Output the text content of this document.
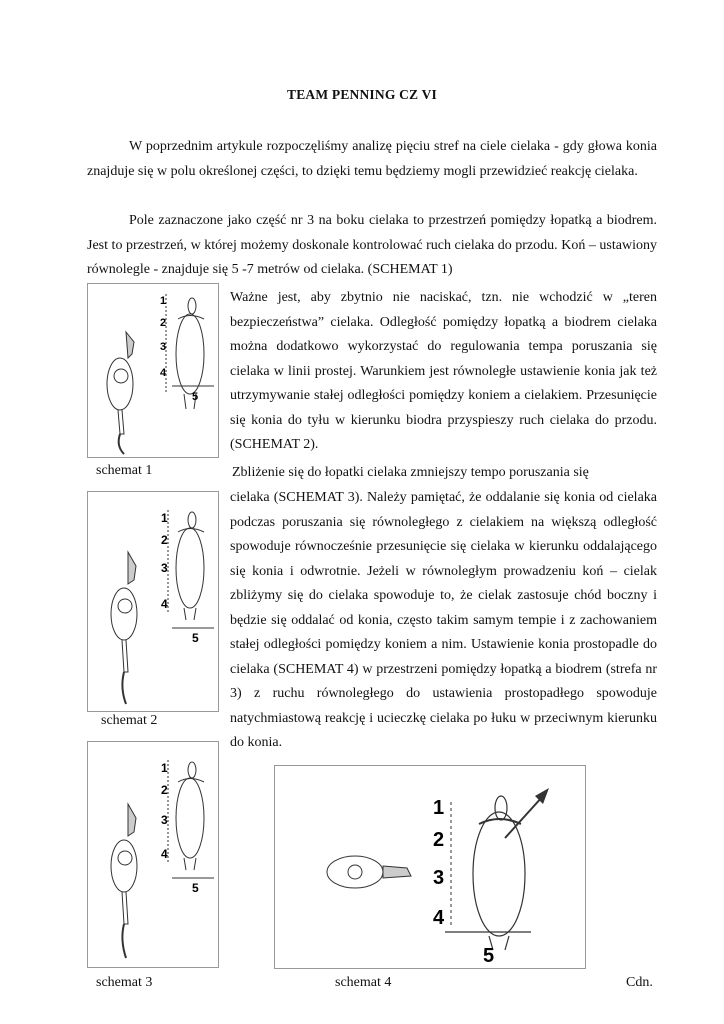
TEAM PENNING CZ VI

W poprzednim artykule rozpoczęliśmy analizę pięciu stref na ciele cielaka - gdy głowa konia znajduje się w polu określonej części, to dzięki temu będziemy mogli przewidzieć reakcję cielaka.

Pole zaznaczone jako część nr 3 na boku cielaka to przestrzeń pomiędzy łopatką a biodrem. Jest to przestrzeń, w której możemy doskonale kontrolować ruch cielaka do przodu. Koń – ustawiony równolegle - znajduje się 5 -7 metrów od cielaka. (SCHEMAT 1)

1
2
3
4
5
schemat 1

Ważne jest, aby zbytnio nie naciskać, tzn. nie wchodzić w „teren bezpieczeństwa” cielaka. Odległość pomiędzy łopatką a biodrem cielaka można dodatkowo wykorzystać do regulowania tempa poruszania się cielaka w linii prostej. Warunkiem jest równoległe ustawienie konia jak też utrzymywanie stałej odległości pomiędzy koniem a cielakiem. Przesunięcie się konia do tyłu w kierunku biodra przyspieszy ruch cielaka do przodu. (SCHEMAT 2).

Zbliżenie się do łopatki cielaka zmniejszy tempo poruszania się

cielaka (SCHEMAT 3). Należy pamiętać, że oddalanie się konia od cielaka podczas poruszania się równoległego z cielakiem na większą odległość spowoduje równocześnie przesunięcie się cielaka w kierunku oddalającego się konia i odwrotnie. Jeżeli w równoległym prowadzeniu koń – cielak zbliżymy się do cielaka spowoduje to, że cielak zastosuje chód boczny i będzie się oddalać od konia, często takim samym tempie i z zachowaniem stałej odległości pomiędzy koniem a nim. Ustawienie konia prostopadle do cielaka (SCHEMAT 4) w przestrzeni pomiędzy łopatką a biodrem (strefa nr 3) z ruchu równoległego do ustawienia prostopadłego spowoduje natychmiastową reakcję i ucieczkę cielaka po łuku w przeciwnym kierunku do konia.

1
2
3
4
5
schemat 2
1
2
3
4
5
1
2
3
4
5
schemat 3	schemat 4	Cdn.
